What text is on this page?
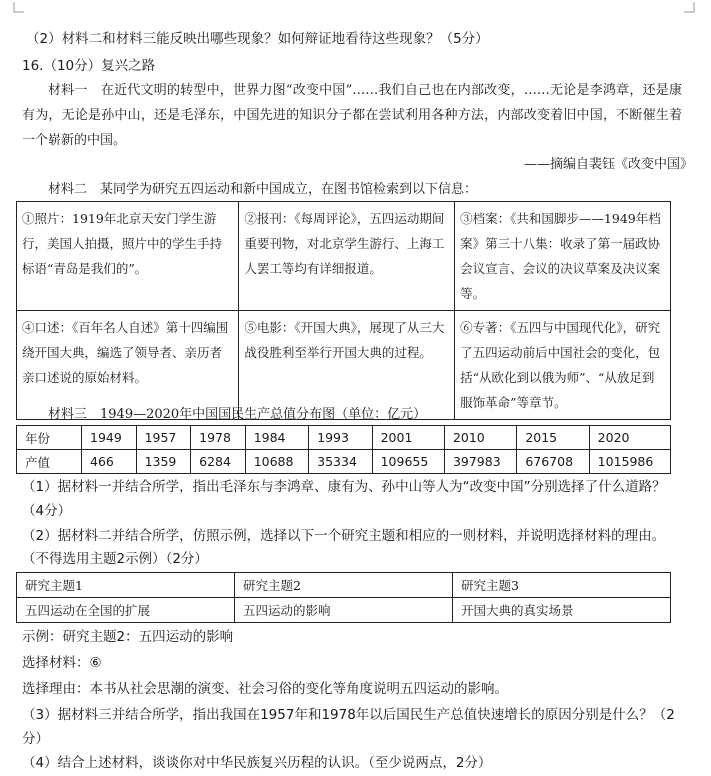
（2）材料二和材料三能反映出哪些现象？如何辩证地看待这些现象？（5分）
16.（10分）复兴之路
材料一　 在近代文明的转型中，世界力图“改变中国”……我们自己也在内部改变，……无论是李鸿章，还是康有为，无论是孙中山，还是毛泽东，中国先进的知识分子都在尝试利用各种方法，内部改变着旧中国，不断催生着一个崭新的中国。
——摘编自裴钰《改变中国》
材料二　某同学为研究五四运动和新中国成立，在图书馆检索到以下信息：
①照片：1919年北京天安门学生游行，美国人拍摄，照片中的学生手持标语“青岛是我们的”。	②报刊：《每周评论》，五四运动期间重要刊物，对北京学生游行、上海工人罢工等均有详细报道。	③档案：《共和国脚步——1949年档案》第三十八集：收录了第一届政协会议宣言、会议的决议草案及决议案等。
④口述：《百年名人自述》第十四编围绕开国大典，编选了领导者、亲历者亲口述说的原始材料。	⑤电影：《开国大典》，展现了从三大战役胜利至举行开国大典的过程。	⑥专著：《五四与中国现代化》，研究了五四运动前后中国社会的变化，包括“从欧化到以俄为师”、“从放足到服饰革命”等章节。
材料三　1949—2020年中国国民生产总值分布图（单位：亿元）
年份	1949	1957	1978	1984	1993	2001	2010	2015	2020
产值	466	1359	6284	10688	35334	109655	397983	676708	1015986
（1）据材料一并结合所学，指出毛泽东与李鸿章、康有为、孙中山等人为“改变中国”分别选择了什么道路？
（4分）
（2）据材料二并结合所学，仿照示例，选择以下一个研究主题和相应的一则材料，并说明选择材料的理由。
（不得选用主题2示例）（2分）
研究主题1	研究主题2	研究主题3
五四运动在全国的扩展	五四运动的影响	开国大典的真实场景
示例：研究主题2：五四运动的影响
选择材料：⑥
选择理由：本书从社会思潮的演变、社会习俗的变化等角度说明五四运动的影响。
（3）据材料三并结合所学，指出我国在1957年和1978年以后国民生产总值快速增长的原因分别是什么？（2
分）
（4）结合上述材料，谈谈你对中华民族复兴历程的认识。（至少说两点，2分）
